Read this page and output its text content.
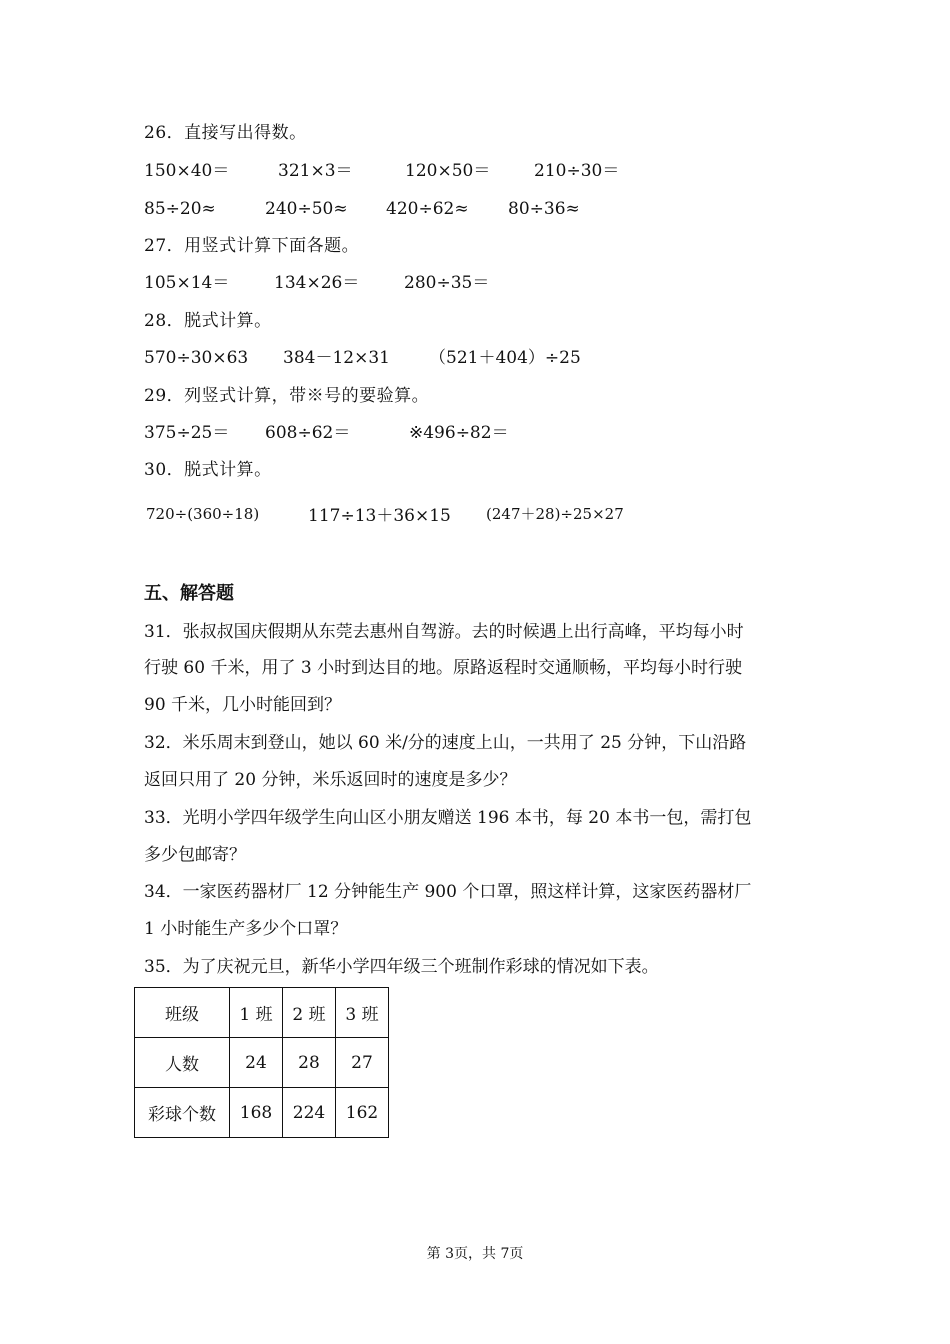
26．直接写出得数。
150×40＝	321×3＝	120×50＝	210÷30＝
85÷20≈	240÷50≈ 420÷62≈ 80÷36≈
27．用竖式计算下面各题。
105×14＝	134×26＝	280÷35＝
28．脱式计算。
570÷30×63 384－12×31 （521＋404）÷25
29．列竖式计算，带※号的要验算。
375÷25＝ 608÷62＝	※496÷82＝
30．脱式计算。
720÷(360÷18)	117÷13＋36×15 (247＋28)÷25×27
五、解答题
31．张叔叔国庆假期从东莞去惠州自驾游。去的时候遇上出行高峰，平均每小时
行驶 60 千米，用了 3 小时到达目的地。原路返程时交通顺畅，平均每小时行驶
90 千米，几小时能回到？
32．米乐周末到登山，她以 60 米/分的速度上山，一共用了 25 分钟，下山沿路
返回只用了 20 分钟，米乐返回时的速度是多少？
33．光明小学四年级学生向山区小朋友赠送 196 本书，每 20 本书一包，需打包
多少包邮寄？
34．一家医药器材厂 12 分钟能生产 900 个口罩，照这样计算，这家医药器材厂
1 小时能生产多少个口罩？
35．为了庆祝元旦，新华小学四年级三个班制作彩球的情况如下表。
班级	1 班	2 班	3 班
人数	24	28	27
彩球个数	168	224	162
第 3页，共 7页
